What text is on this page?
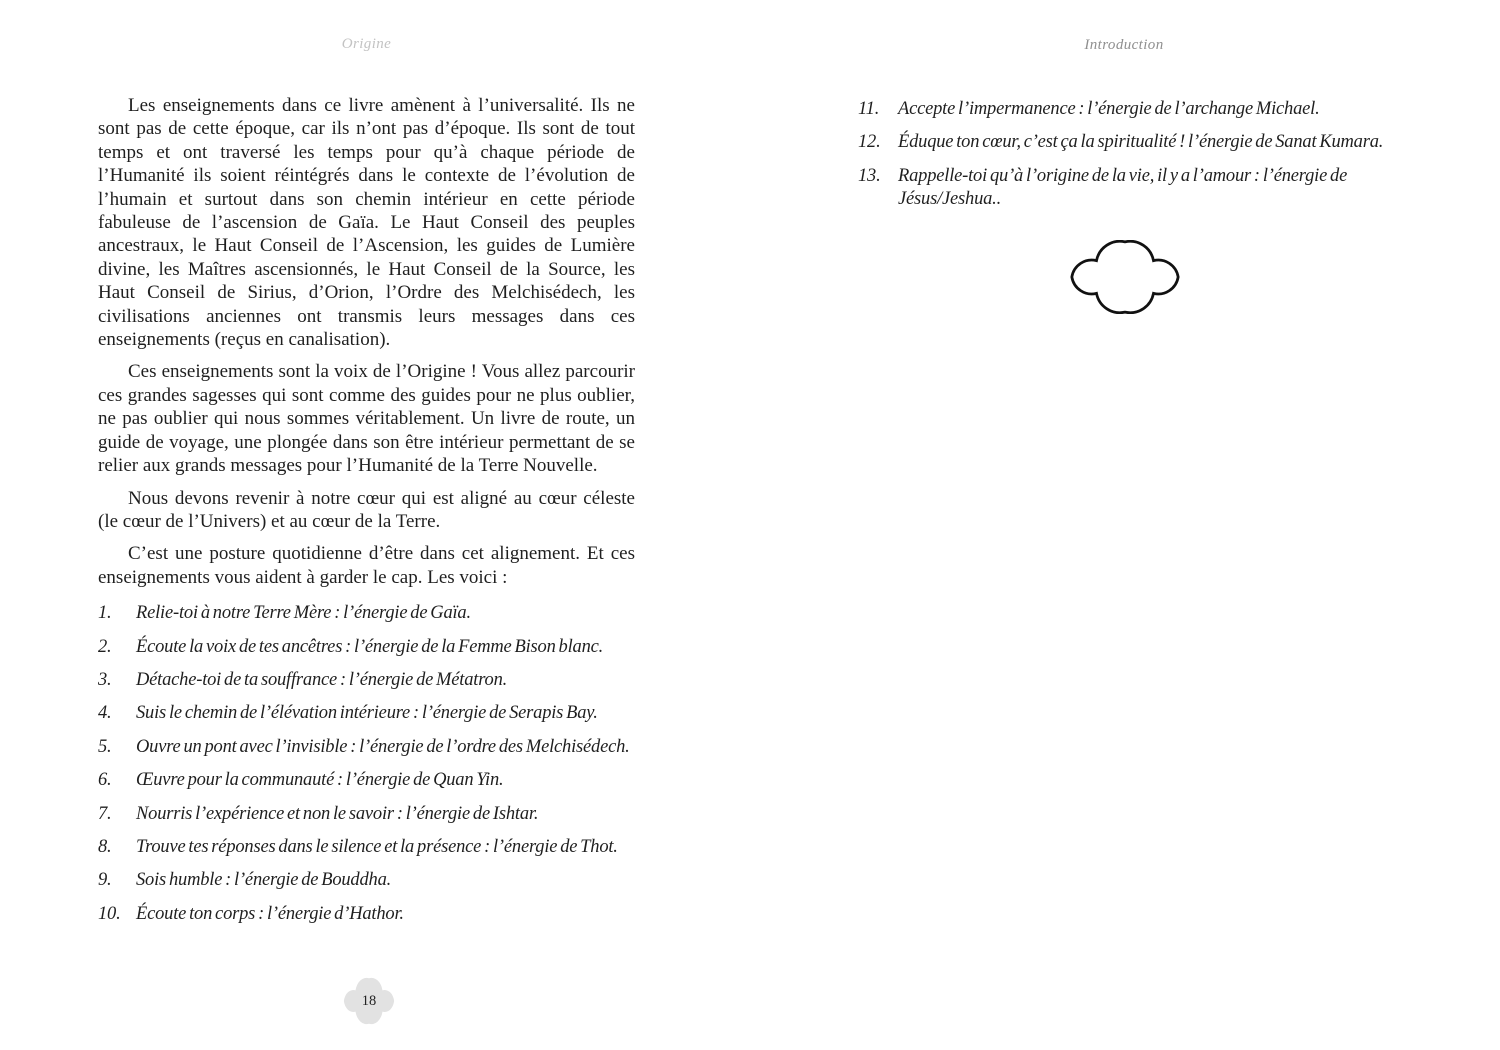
Origine

Les enseignements dans ce livre amènent à l’universalité. Ils ne sont pas de cette époque, car ils n’ont pas d’époque. Ils sont de tout temps et ont traversé les temps pour qu’à chaque période de l’Humanité ils soient réintégrés dans le contexte de l’évolution de l’humain et surtout dans son chemin intérieur en cette période fabuleuse de l’ascension de Gaïa. Le Haut Conseil des peuples ancestraux, le Haut Conseil de l’Ascension, les guides de Lumière divine, les Maîtres ascensionnés, le Haut Conseil de la Source, les Haut Conseil de Sirius, d’Orion, l’Ordre des Melchisédech, les civilisations anciennes ont transmis leurs messages dans ces enseignements (reçus en canalisation).

Ces enseignements sont la voix de l’Origine ! Vous allez parcourir ces grandes sagesses qui sont comme des guides pour ne plus oublier, ne pas oublier qui nous sommes véritablement. Un livre de route, un guide de voyage, une plongée dans son être intérieur permettant de se relier aux grands messages pour l’Humanité de la Terre Nouvelle.

Nous devons revenir à notre cœur qui est aligné au cœur céleste (le cœur de l’Univers) et au cœur de la Terre.

C’est une posture quotidienne d’être dans cet alignement. Et ces enseignements vous aident à garder le cap. Les voici :

1.	Relie-toi à notre Terre Mère : l’énergie de Gaïa.
2.	Écoute la voix de tes ancêtres : l’énergie de la Femme Bison blanc.
3.	Détache-toi de ta souffrance : l’énergie de Métatron.
4.	Suis le chemin de l’élévation intérieure : l’énergie de Serapis Bay.
5.	Ouvre un pont avec l’invisible : l’énergie de l’ordre des Melchisédech.
6.	Œuvre pour la communauté : l’énergie de Quan Yin.
7.	Nourris l’expérience et non le savoir : l’énergie de Ishtar.
8.	Trouve tes réponses dans le silence et la présence : l’énergie de Thot.
9.	Sois humble : l’énergie de Bouddha.
10. Écoute ton corps : l’énergie d’Hathor.
18
Introduction
11.	Accepte l’impermanence : l’énergie de l’archange Michael.
12. Éduque ton cœur, c’est ça la spiritualité ! l’énergie de Sanat Kumara.
13. Rappelle-toi qu’à l’origine de la vie, il y a l’amour : l’énergie de Jésus/Jeshua..
